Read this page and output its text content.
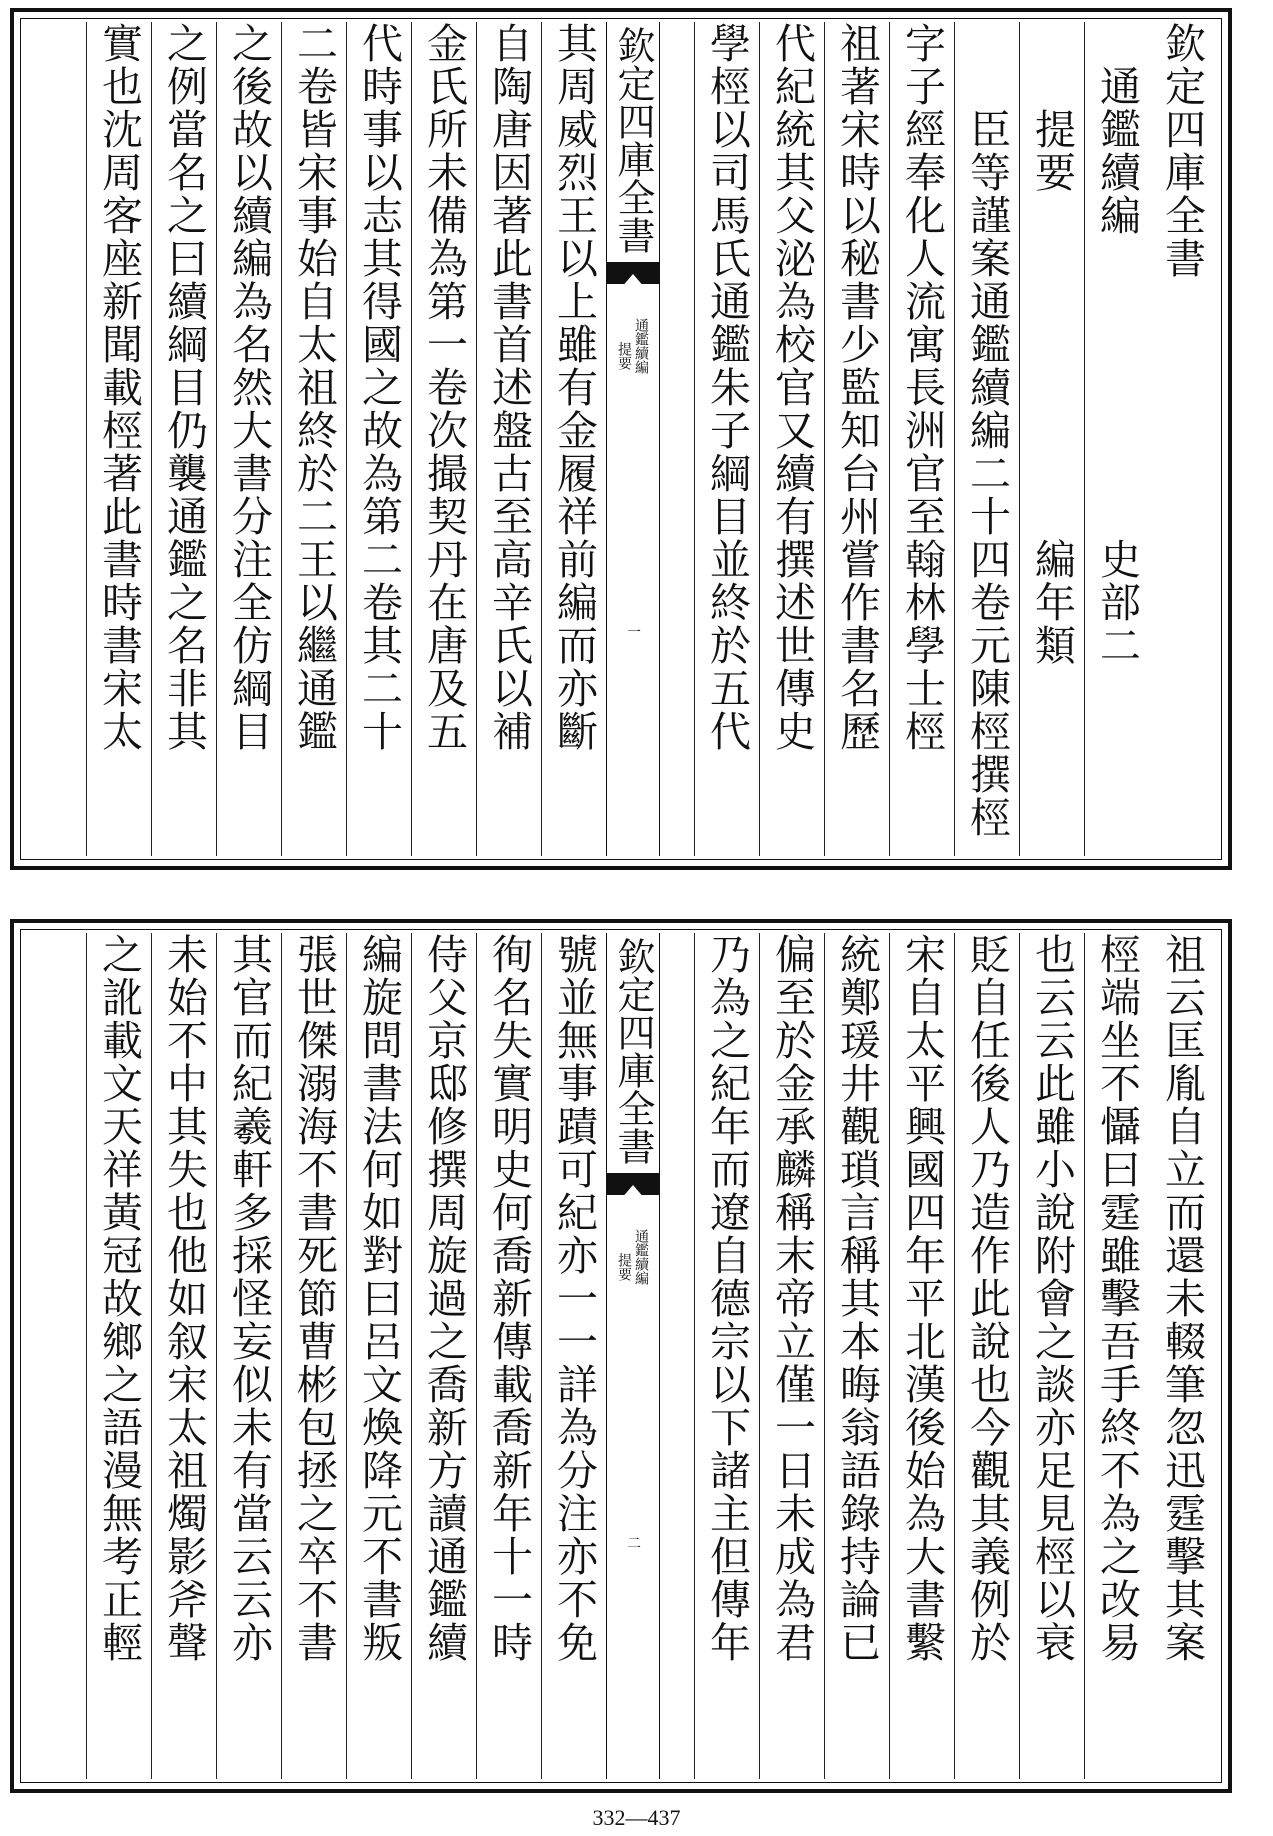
欽定四庫全書
　通鑑續編　　　　　　　史部二
　　提要　　　　　　　　編年類
　　臣等謹案通鑑續編二十四卷元陳桱撰桱
字子經奉化人流寓長洲官至翰林學士桱
祖著宋時以秘書少監知台州嘗作書名歷
代紀統其父泌為校官又續有撰述世傳史
學桱以司馬氏通鑑朱子綱目並終於五代
其周威烈王以上雖有金履祥前編而亦斷
自陶唐因著此書首述盤古至高辛氏以補
金氏所未備為第一卷次撮契丹在唐及五
代時事以志其得國之故為第二卷其二十
二卷皆宋事始自太祖終於二王以繼通鑑
之後故以續編為名然大書分注全仿綱目
之例當名之曰續綱目仍襲通鑑之名非其
實也沈周客座新聞載桱著此書時書宋太	欽定四庫全書
通鑑續編
提要
一
祖云匡胤自立而還未輟筆忽迅霆擊其案
桱端坐不懾曰霆雖擊吾手終不為之改易
也云云此雖小說附會之談亦足見桱以衰
貶自任後人乃造作此說也今觀其義例於
宋自太平興國四年平北漢後始為大書繫
統鄭瑗井觀瑣言稱其本晦翁語錄持論已
偏至於金承麟稱末帝立僅一日未成為君
乃為之紀年而遼自德宗以下諸主但傳年
號並無事蹟可紀亦一一詳為分注亦不免
徇名失實明史何喬新傳載喬新年十一時
侍父京邸修撰周旋過之喬新方讀通鑑續
編旋問書法何如對曰呂文煥降元不書叛
張世傑溺海不書死節曹彬包拯之卒不書
其官而紀羲軒多採怪妄似未有當云云亦
未始不中其失也他如叙宋太祖燭影斧聲
之訛載文天祥黃冠故鄉之語漫無考正輕	欽定四庫全書
通鑑續編
提要
二
332—437
